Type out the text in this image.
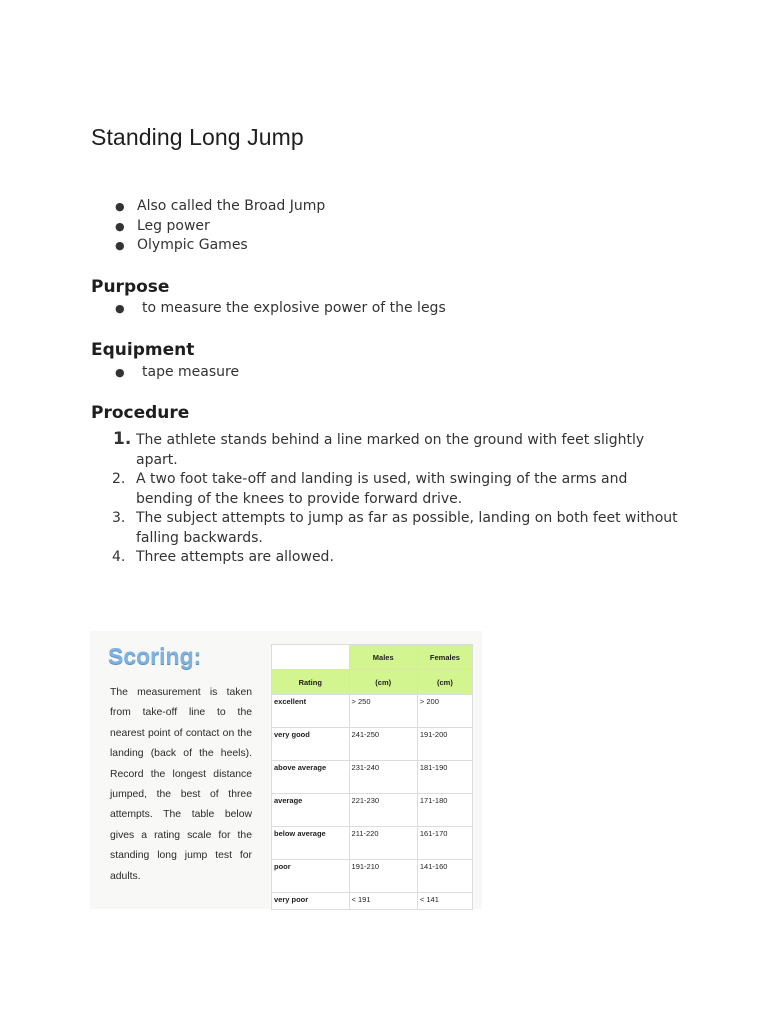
Standing Long Jump
● Also called the Broad Jump
● Leg power
● Olympic Games
Purpose
● to measure the explosive power of the legs
Equipment
● tape measure
Procedure
1. The athlete stands behind a line marked on the ground with feet slightly apart.
2. A two foot take-off and landing is used, with swinging of the arms and bending of the knees to provide forward drive.
3. The subject attempts to jump as far as possible, landing on both feet without falling backwards.
4. Three attempts are allowed.
Scoring:

The measurement is taken from take-off line to the nearest point of contact on the landing (back of the heels). Record the longest distance jumped, the best of three attempts. The table below gives a rating scale for the standing long jump test for adults.

	Males	Females
Rating	(cm)	(cm)
excellent	> 250	> 200
very good	241-250	191-200
above average	231-240	181-190
average	221-230	171-180
below average	211-220	161-170
poor	191-210	141-160
very poor	< 191	< 141
